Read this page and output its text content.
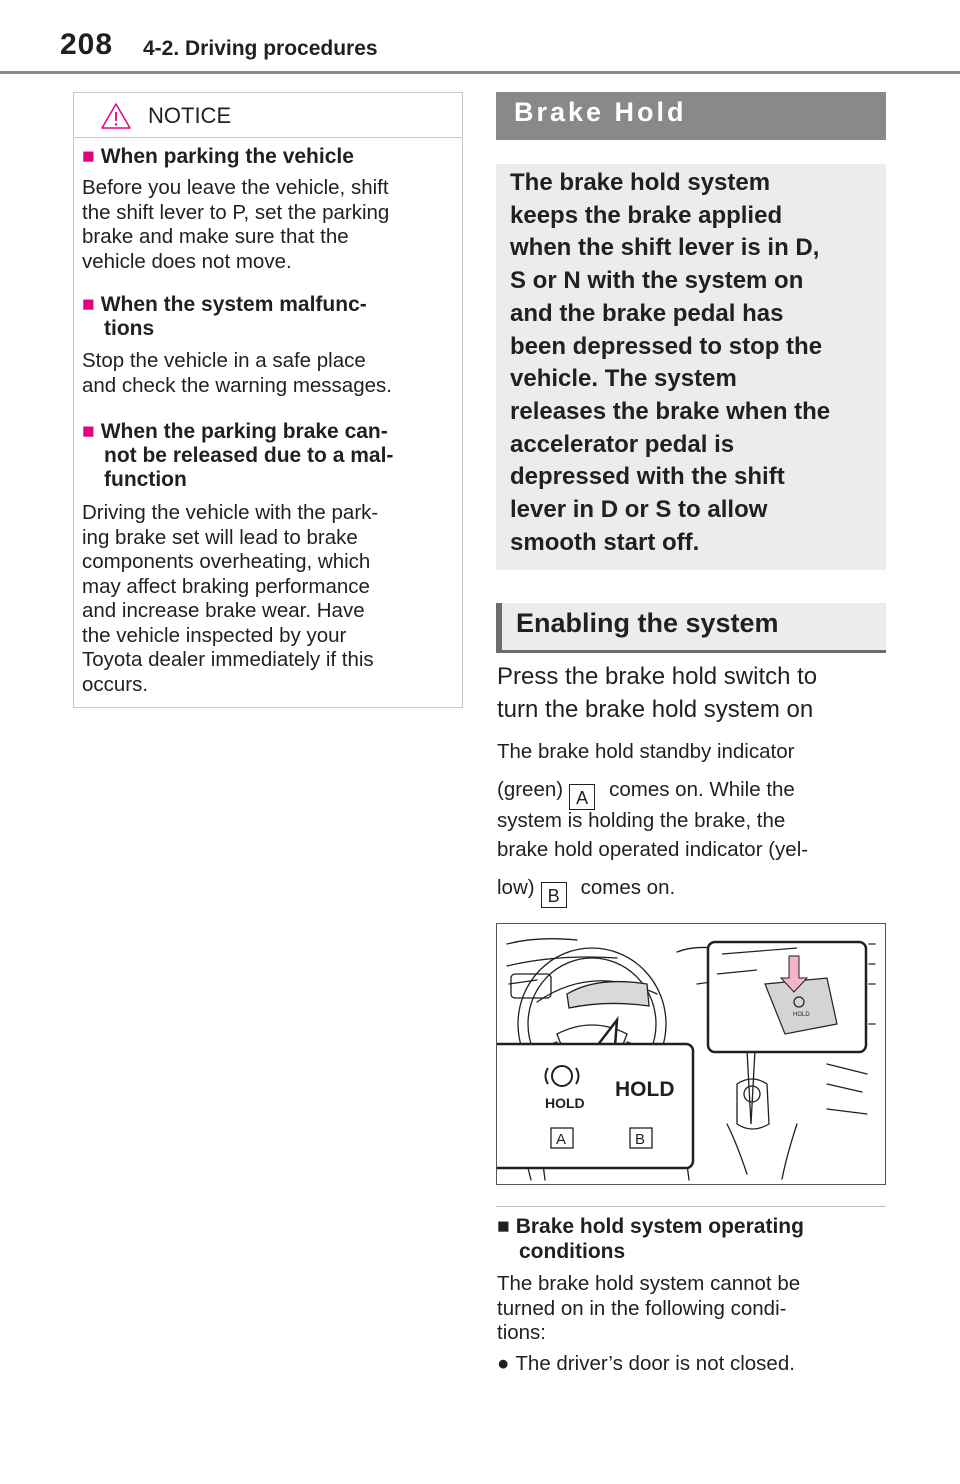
208 4-2. Driving procedures
NOTICE
■ When parking the vehicle
Before you leave the vehicle, shift
the shift lever to P, set the parking
brake and make sure that the
vehicle does not move.
■ When the system malfunc-
tions
Stop the vehicle in a safe place
and check the warning messages.
■ When the parking brake can-
not be released due to a mal-
function
Driving the vehicle with the park-
ing brake set will lead to brake
components overheating, which
may affect braking performance
and increase brake wear. Have
the vehicle inspected by your
Toyota dealer immediately if this
occurs.
Brake Hold
The brake hold system
keeps the brake applied
when the shift lever is in D,
S or N with the system on
and the brake pedal has
been depressed to stop the
vehicle. The system
releases the brake when the
accelerator pedal is
depressed with the shift
lever in D or S to allow
smooth start off.
Enabling the system
Press the brake hold switch to
turn the brake hold system on
The brake hold standby indicator
(green) A comes on. While the
system is holding the brake, the
brake hold operated indicator (yel-
low) B comes on.
HOLD
HOLD
HOLD
A	B
■ Brake hold system operating
conditions
The brake hold system cannot be
turned on in the following condi-
tions:
● The driver’s door is not closed.
